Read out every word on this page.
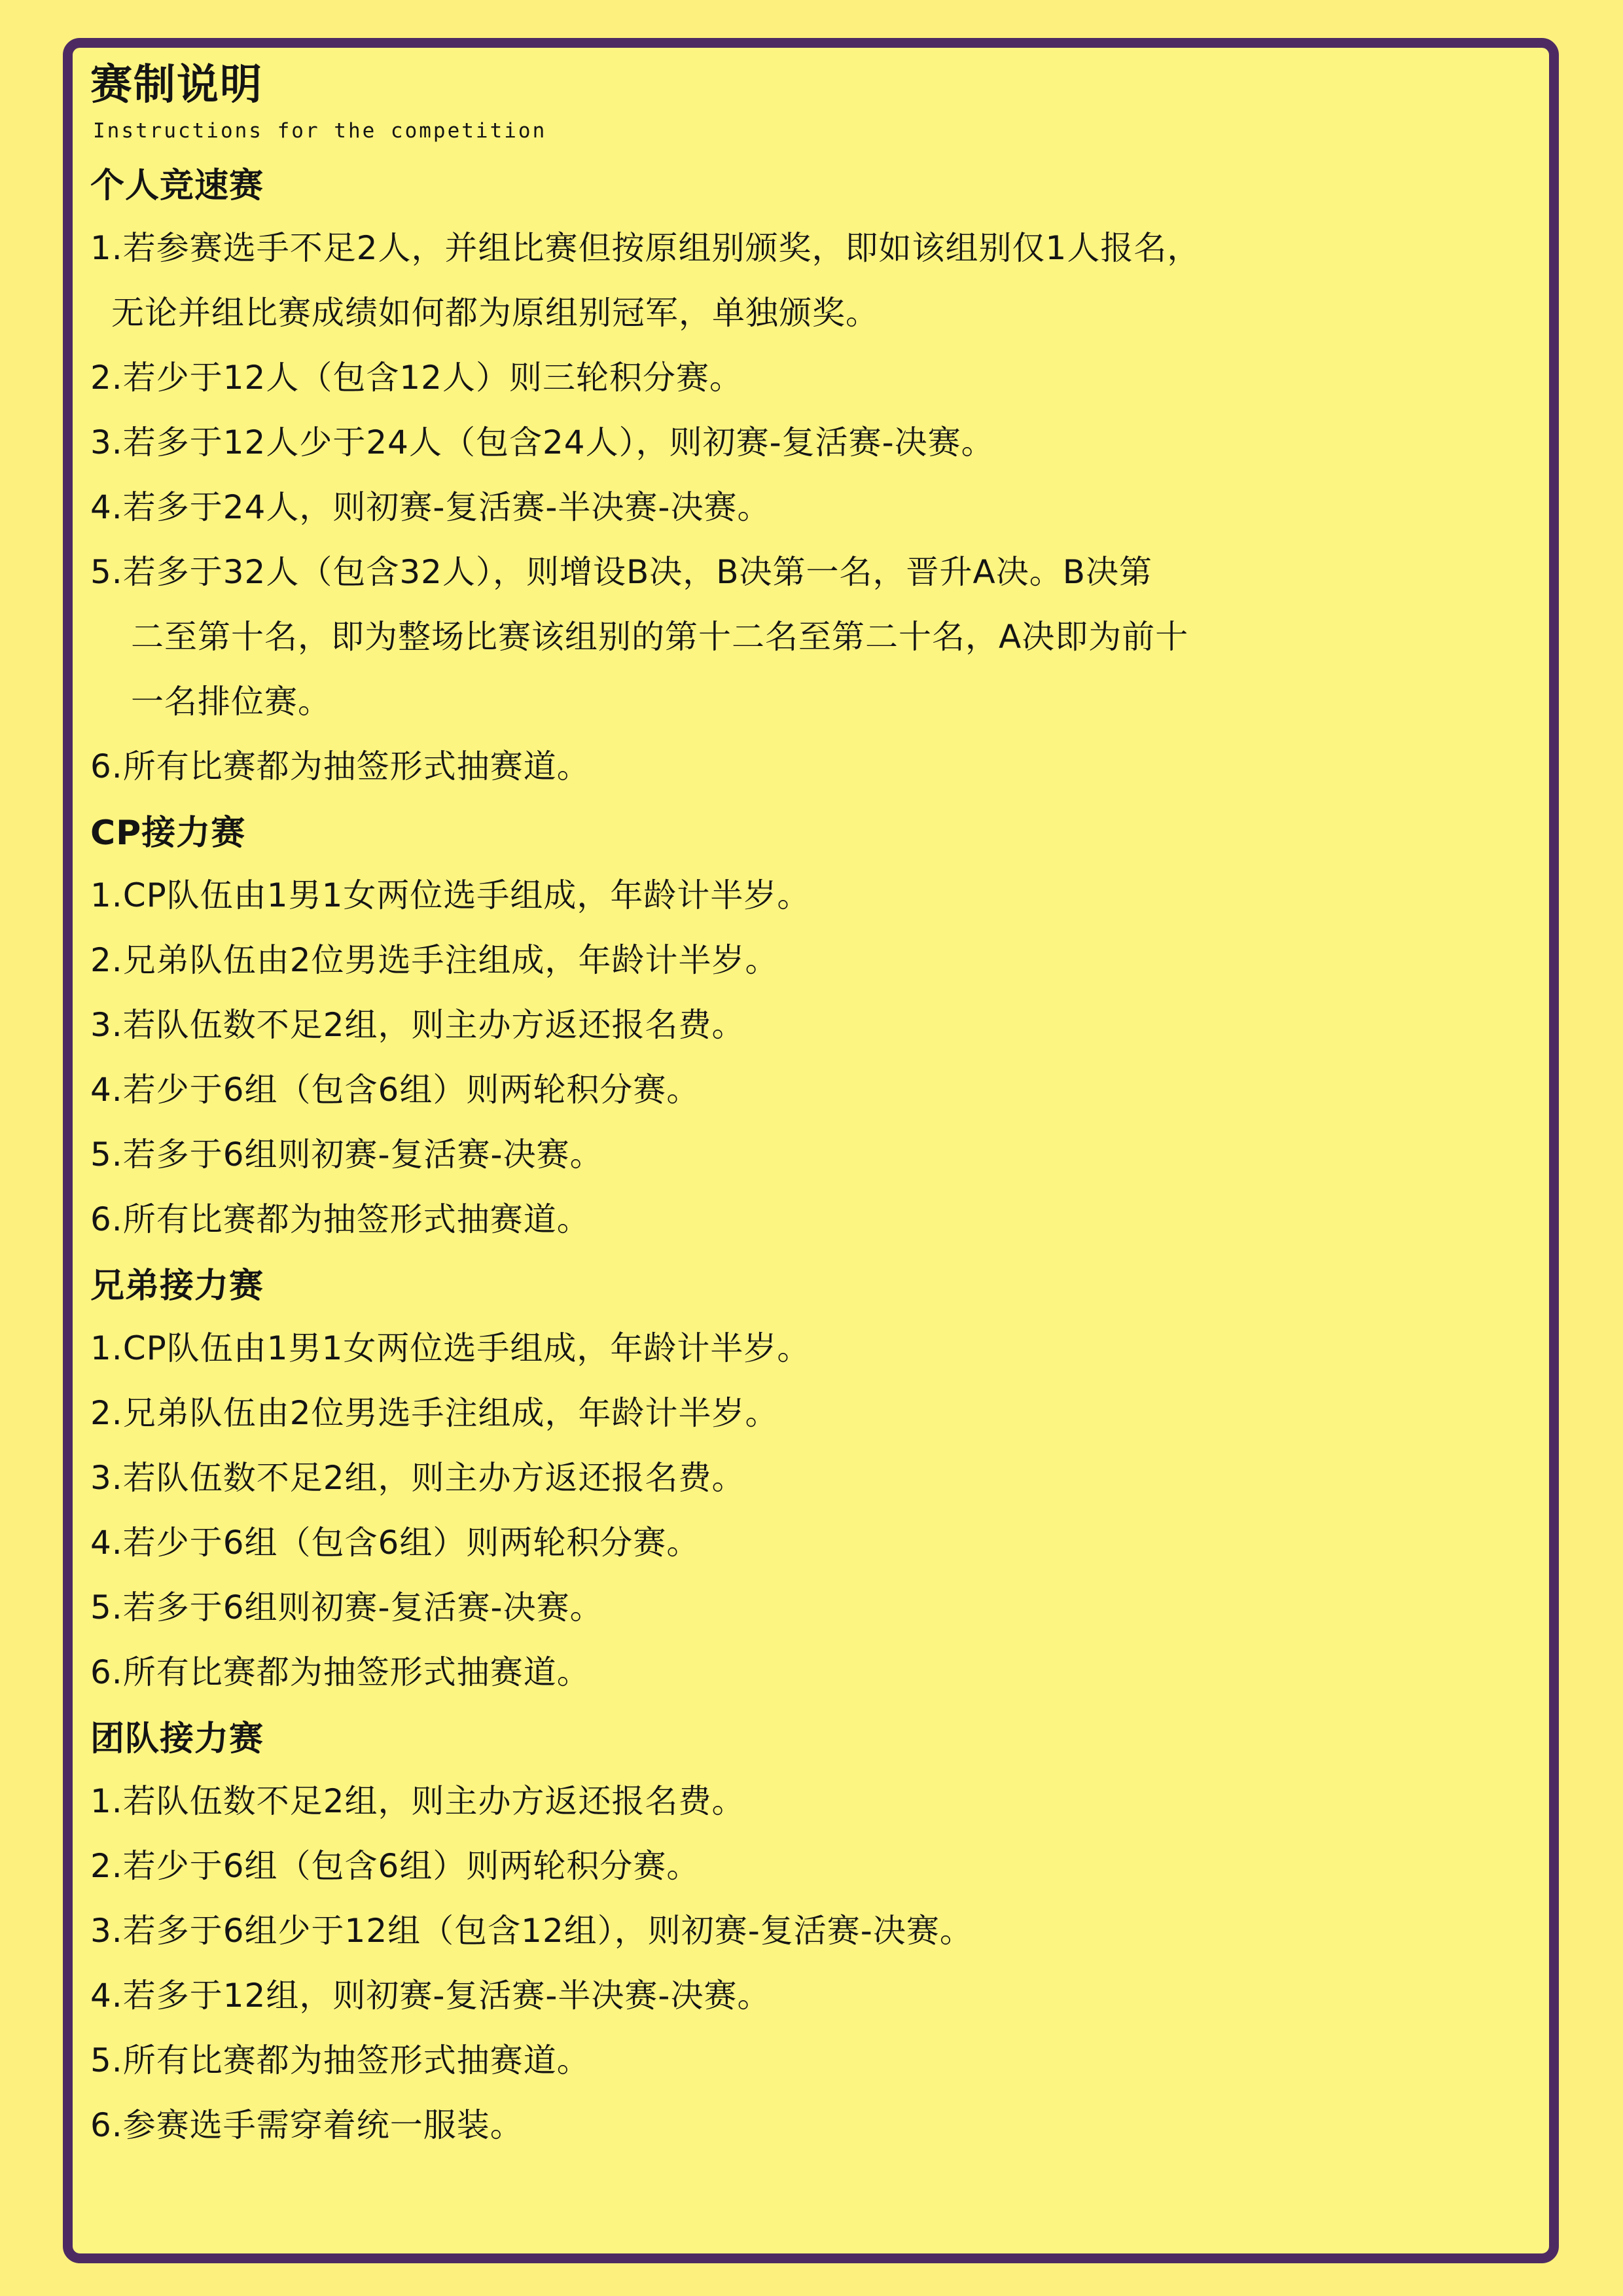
赛制说明
Instructions for the competition
个人竞速赛
1.若参赛选手不足2人，并组比赛但按原组别颁奖，即如该组别仅1人报名，
无论并组比赛成绩如何都为原组别冠军，单独颁奖。
2.若少于12人（包含12人）则三轮积分赛。
3.若多于12人少于24人（包含24人），则初赛-复活赛-决赛。
4.若多于24人，则初赛-复活赛-半决赛-决赛。
5.若多于32人（包含32人），则增设B决，B决第一名，晋升A决。B决第
二至第十名，即为整场比赛该组别的第十二名至第二十名，A决即为前十
一名排位赛。
6.所有比赛都为抽签形式抽赛道。
CP接力赛
1.CP队伍由1男1女两位选手组成，年龄计半岁。
2.兄弟队伍由2位男选手注组成，年龄计半岁。
3.若队伍数不足2组，则主办方返还报名费。
4.若少于6组（包含6组）则两轮积分赛。
5.若多于6组则初赛-复活赛-决赛。
6.所有比赛都为抽签形式抽赛道。
兄弟接力赛
1.CP队伍由1男1女两位选手组成，年龄计半岁。
2.兄弟队伍由2位男选手注组成，年龄计半岁。
3.若队伍数不足2组，则主办方返还报名费。
4.若少于6组（包含6组）则两轮积分赛。
5.若多于6组则初赛-复活赛-决赛。
6.所有比赛都为抽签形式抽赛道。
团队接力赛
1.若队伍数不足2组，则主办方返还报名费。
2.若少于6组（包含6组）则两轮积分赛。
3.若多于6组少于12组（包含12组），则初赛-复活赛-决赛。
4.若多于12组，则初赛-复活赛-半决赛-决赛。
5.所有比赛都为抽签形式抽赛道。
6.参赛选手需穿着统一服装。
